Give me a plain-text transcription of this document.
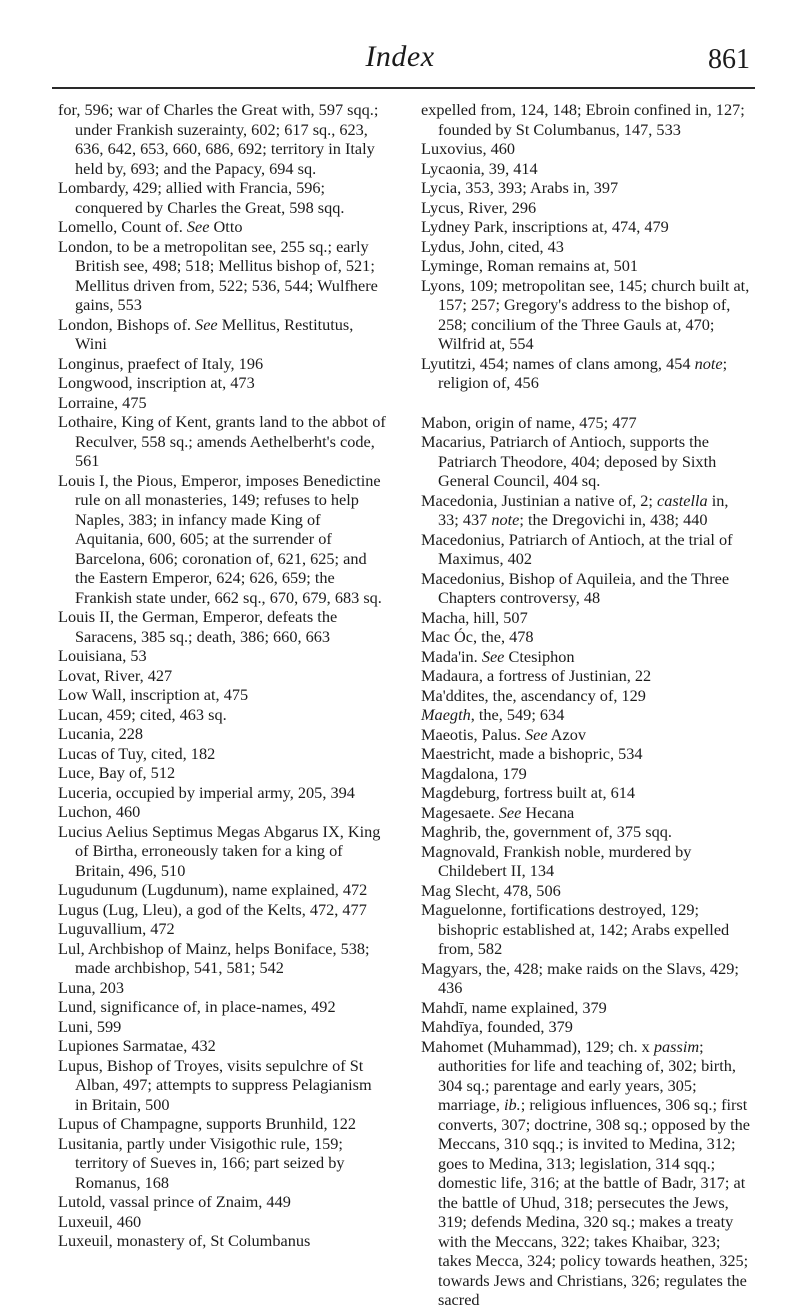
Index	861

for, 596; war of Charles the Great with, 597 sqq.; under Frankish suzerainty, 602; 617 sq., 623, 636, 642, 653, 660, 686, 692; territory in Italy held by, 693; and the Papacy, 694 sq.

Lombardy, 429; allied with Francia, 596; conquered by Charles the Great, 598 sqq.

Lomello, Count of. See Otto

London, to be a metropolitan see, 255 sq.; early British see, 498; 518; Mellitus bishop of, 521; Mellitus driven from, 522; 536, 544; Wulfhere gains, 553

London, Bishops of. See Mellitus, Restitutus, Wini

Longinus, praefect of Italy, 196

Longwood, inscription at, 473

Lorraine, 475

Lothaire, King of Kent, grants land to the abbot of Reculver, 558 sq.; amends Aethelberht's code, 561

Louis I, the Pious, Emperor, imposes Benedictine rule on all monasteries, 149; refuses to help Naples, 383; in infancy made King of Aquitania, 600, 605; at the surrender of Barcelona, 606; coronation of, 621, 625; and the Eastern Emperor, 624; 626, 659; the Frankish state under, 662 sq., 670, 679, 683 sq.

Louis II, the German, Emperor, defeats the Saracens, 385 sq.; death, 386; 660, 663

Louisiana, 53

Lovat, River, 427

Low Wall, inscription at, 475

Lucan, 459; cited, 463 sq.

Lucania, 228

Lucas of Tuy, cited, 182

Luce, Bay of, 512

Luceria, occupied by imperial army, 205, 394

Luchon, 460

Lucius Aelius Septimus Megas Abgarus IX, King of Birtha, erroneously taken for a king of Britain, 496, 510

Lugudunum (Lugdunum), name explained, 472

Lugus (Lug, Lleu), a god of the Kelts, 472, 477

Luguvallium, 472

Lul, Archbishop of Mainz, helps Boniface, 538; made archbishop, 541, 581; 542

Luna, 203

Lund, significance of, in place-names, 492

Luni, 599

Lupiones Sarmatae, 432

Lupus, Bishop of Troyes, visits sepulchre of St Alban, 497; attempts to suppress Pelagianism in Britain, 500

Lupus of Champagne, supports Brunhild, 122

Lusitania, partly under Visigothic rule, 159; territory of Sueves in, 166; part seized by Romanus, 168

Lutold, vassal prince of Znaim, 449

Luxeuil, 460

Luxeuil, monastery of, St Columbanus

expelled from, 124, 148; Ebroin confined in, 127; founded by St Columbanus, 147, 533

Luxovius, 460

Lycaonia, 39, 414

Lycia, 353, 393; Arabs in, 397

Lycus, River, 296

Lydney Park, inscriptions at, 474, 479

Lydus, John, cited, 43

Lyminge, Roman remains at, 501

Lyons, 109; metropolitan see, 145; church built at, 157; 257; Gregory's address to the bishop of, 258; concilium of the Three Gauls at, 470; Wilfrid at, 554

Lyutitzi, 454; names of clans among, 454 note; religion of, 456

Mabon, origin of name, 475; 477

Macarius, Patriarch of Antioch, supports the Patriarch Theodore, 404; deposed by Sixth General Council, 404 sq.

Macedonia, Justinian a native of, 2; castella in, 33; 437 note; the Dregovichi in, 438; 440

Macedonius, Patriarch of Antioch, at the trial of Maximus, 402

Macedonius, Bishop of Aquileia, and the Three Chapters controversy, 48

Macha, hill, 507

Mac Óc, the, 478

Mada'in. See Ctesiphon

Madaura, a fortress of Justinian, 22

Ma'ddites, the, ascendancy of, 129

Maegth, the, 549; 634

Maeotis, Palus. See Azov

Maestricht, made a bishopric, 534

Magdalona, 179

Magdeburg, fortress built at, 614

Magesaete. See Hecana

Maghrib, the, government of, 375 sqq.

Magnovald, Frankish noble, murdered by Childebert II, 134

Mag Slecht, 478, 506

Maguelonne, fortifications destroyed, 129; bishopric established at, 142; Arabs expelled from, 582

Magyars, the, 428; make raids on the Slavs, 429; 436

Mahdī, name explained, 379

Mahdīya, founded, 379

Mahomet (Muhammad), 129; ch. x passim; authorities for life and teaching of, 302; birth, 304 sq.; parentage and early years, 305; marriage, ib.; religious influences, 306 sq.; first converts, 307; doctrine, 308 sq.; opposed by the Meccans, 310 sqq.; is invited to Medina, 312; goes to Medina, 313; legislation, 314 sqq.; domestic life, 316; at the battle of Badr, 317; at the battle of Uhud, 318; persecutes the Jews, 319; defends Medina, 320 sq.; makes a treaty with the Meccans, 322; takes Khaibar, 323; takes Mecca, 324; policy towards heathen, 325; towards Jews and Christians, 326; regulates the sacred
